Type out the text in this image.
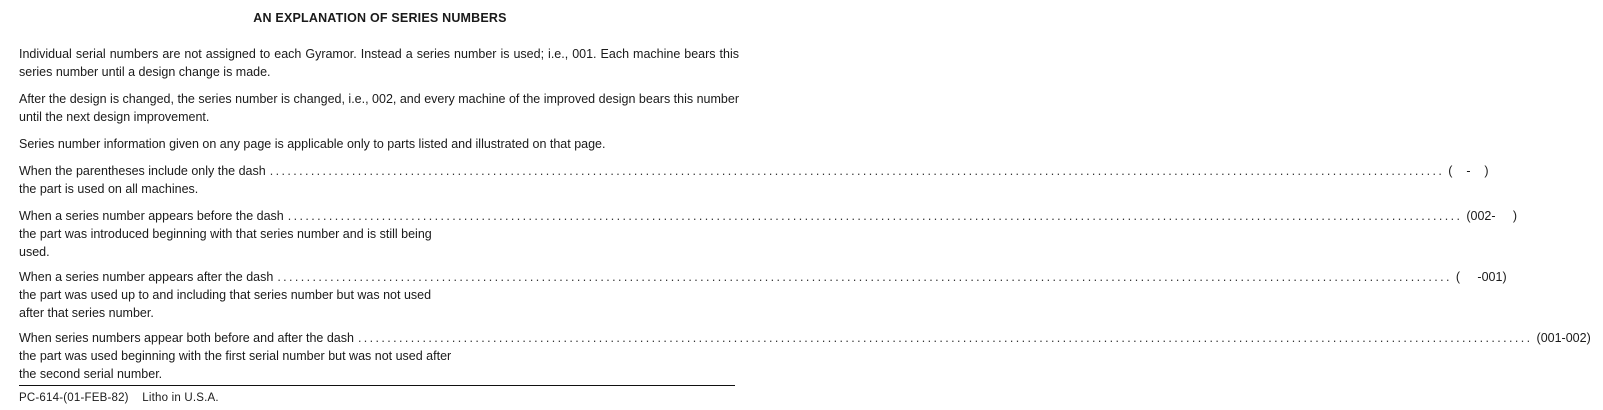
AN EXPLANATION OF SERIES NUMBERS
Individual serial numbers are not assigned to each Gyramor. Instead a series number is used; i.e., 001. Each machine bears this series number until a design change is made.
After the design is changed, the series number is changed, i.e., 002, and every machine of the improved design bears this number until the next design improvement.
Series number information given on any page is applicable only to parts listed and illustrated on that page.
When the parentheses include only the dash ........................................................................................................................................................................................................ (    -    )
the part is used on all machines.
When a series number appears before the dash ........................................................................................................................................................................................................ (002-     )
the part was introduced beginning with that series number and is still being used.
When a series number appears after the dash ........................................................................................................................................................................................................ (     -001)
the part was used up to and including that series number but was not used after that series number.
When series numbers appear both before and after the dash ........................................................................................................................................................................................................ (001-002)
the part was used beginning with the first serial number but was not used after the second serial number.
PC-614-(01-FEB-82)    Litho in U.S.A.
